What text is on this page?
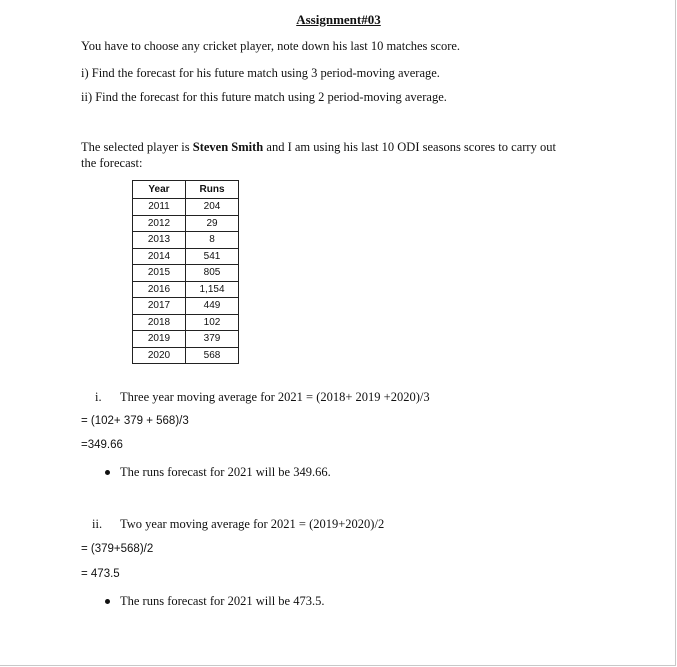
Assignment#03
You have to choose any cricket player, note down his last 10 matches score.
i) Find the forecast for his future match using 3 period-moving average.
ii) Find the forecast for this future match using 2 period-moving average.
The selected player is Steven Smith and I am using his last 10 ODI seasons scores to carry out
the forecast:
Year	Runs
2011	204
2012	29
2013	8
2014	541
2015	805
2016	1,154
2017	449
2018	102
2019	379
2020	568
i. Three year moving average for 2021 = (2018+ 2019 +2020)/3
= (102+ 379 + 568)/3
=349.66
The runs forecast for 2021 will be 349.66.
ii. Two year moving average for 2021 = (2019+2020)/2
= (379+568)/2
= 473.5
The runs forecast for 2021 will be 473.5.
